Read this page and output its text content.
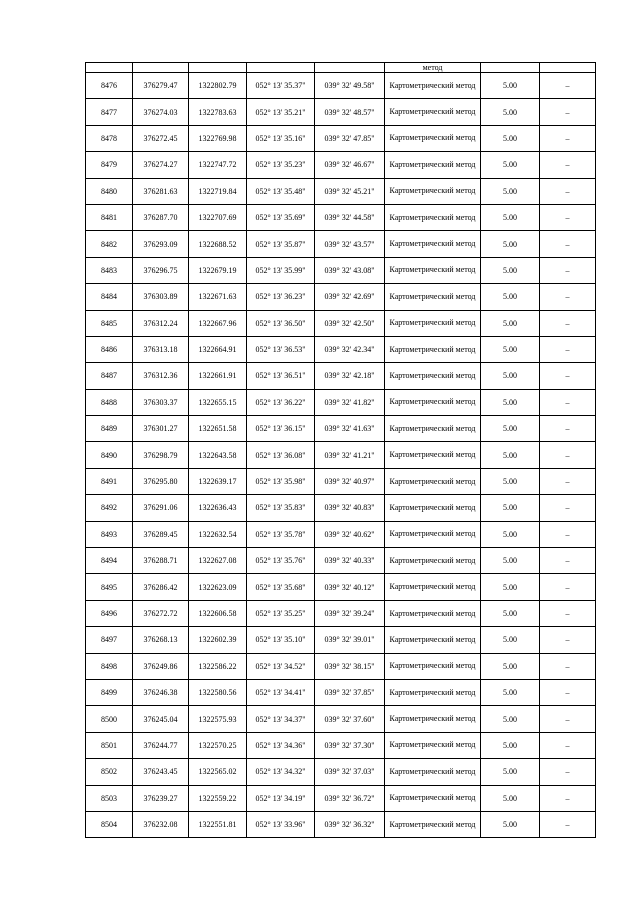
					метод		
8476	376279.47	1322802.79	052° 13' 35.37"	039° 32' 49.58"	Картометрический метод	5.00	–
8477	376274.03	1322783.63	052° 13' 35.21"	039° 32' 48.57"	Картометрический метод	5.00	–
8478	376272.45	1322769.98	052° 13' 35.16"	039° 32' 47.85"	Картометрический метод	5.00	–
8479	376274.27	1322747.72	052° 13' 35.23"	039° 32' 46.67"	Картометрический метод	5.00	–
8480	376281.63	1322719.84	052° 13' 35.48"	039° 32' 45.21"	Картометрический метод	5.00	–
8481	376287.70	1322707.69	052° 13' 35.69"	039° 32' 44.58"	Картометрический метод	5.00	–
8482	376293.09	1322688.52	052° 13' 35.87"	039° 32' 43.57"	Картометрический метод	5.00	–
8483	376296.75	1322679.19	052° 13' 35.99"	039° 32' 43.08"	Картометрический метод	5.00	–
8484	376303.89	1322671.63	052° 13' 36.23"	039° 32' 42.69"	Картометрический метод	5.00	–
8485	376312.24	1322667.96	052° 13' 36.50"	039° 32' 42.50"	Картометрический метод	5.00	–
8486	376313.18	1322664.91	052° 13' 36.53"	039° 32' 42.34"	Картометрический метод	5.00	–
8487	376312.36	1322661.91	052° 13' 36.51"	039° 32' 42.18"	Картометрический метод	5.00	–
8488	376303.37	1322655.15	052° 13' 36.22"	039° 32' 41.82"	Картометрический метод	5.00	–
8489	376301.27	1322651.58	052° 13' 36.15"	039° 32' 41.63"	Картометрический метод	5.00	–
8490	376298.79	1322643.58	052° 13' 36.08"	039° 32' 41.21"	Картометрический метод	5.00	–
8491	376295.80	1322639.17	052° 13' 35.98"	039° 32' 40.97"	Картометрический метод	5.00	–
8492	376291.06	1322636.43	052° 13' 35.83"	039° 32' 40.83"	Картометрический метод	5.00	–
8493	376289.45	1322632.54	052° 13' 35.78"	039° 32' 40.62"	Картометрический метод	5.00	–
8494	376288.71	1322627.08	052° 13' 35.76"	039° 32' 40.33"	Картометрический метод	5.00	–
8495	376286.42	1322623.09	052° 13' 35.68"	039° 32' 40.12"	Картометрический метод	5.00	–
8496	376272.72	1322606.58	052° 13' 35.25"	039° 32' 39.24"	Картометрический метод	5.00	–
8497	376268.13	1322602.39	052° 13' 35.10"	039° 32' 39.01"	Картометрический метод	5.00	–
8498	376249.86	1322586.22	052° 13' 34.52"	039° 32' 38.15"	Картометрический метод	5.00	–
8499	376246.38	1322580.56	052° 13' 34.41"	039° 32' 37.85"	Картометрический метод	5.00	–
8500	376245.04	1322575.93	052° 13' 34.37"	039° 32' 37.60"	Картометрический метод	5.00	–
8501	376244.77	1322570.25	052° 13' 34.36"	039° 32' 37.30"	Картометрический метод	5.00	–
8502	376243.45	1322565.02	052° 13' 34.32"	039° 32' 37.03"	Картометрический метод	5.00	–
8503	376239.27	1322559.22	052° 13' 34.19"	039° 32' 36.72"	Картометрический метод	5.00	–
8504	376232.08	1322551.81	052° 13' 33.96"	039° 32' 36.32"	Картометрический метод	5.00	–
